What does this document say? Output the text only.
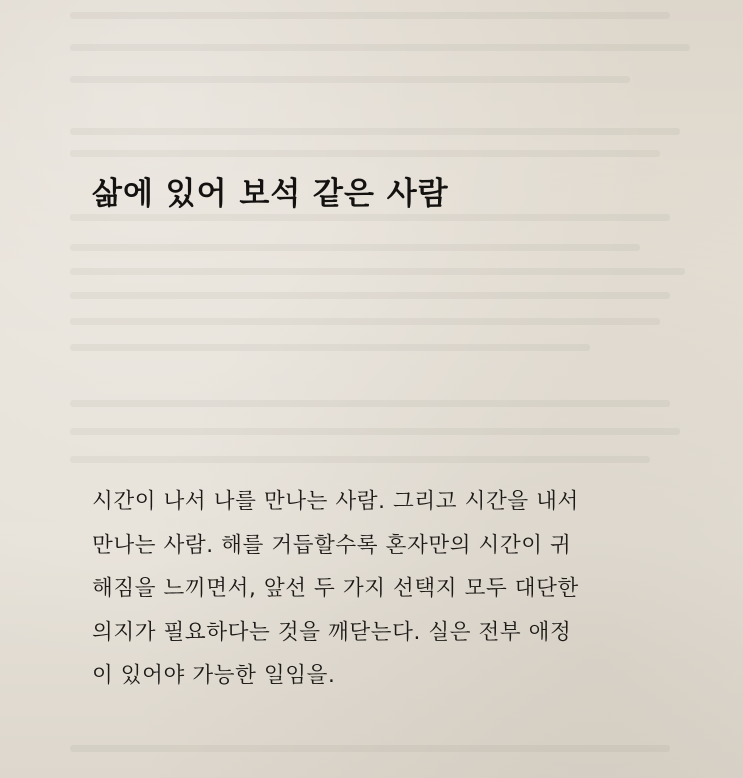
삶에 있어 보석 같은 사람
시간이 나서 나를 만나는 사람. 그리고 시간을 내서
만나는 사람. 해를 거듭할수록 혼자만의 시간이 귀
해짐을 느끼면서, 앞선 두 가지 선택지 모두 대단한
의지가 필요하다는 것을 깨닫는다. 실은 전부 애정
이 있어야 가능한 일임을.
